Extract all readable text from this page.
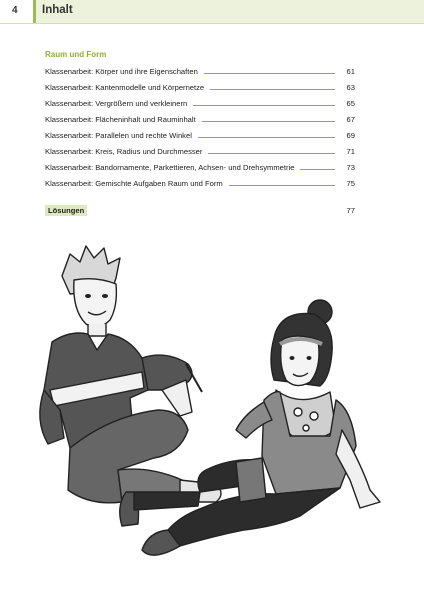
4 Inhalt
Raum und Form
Klassenarbeit: Körper und ihre Eigenschaften	61
Klassenarbeit: Kantenmodelle und Körpernetze	63
Klassenarbeit: Vergrößern und verkleinern	65
Klassenarbeit: Flächeninhalt und Rauminhalt	67
Klassenarbeit: Parallelen und rechte Winkel	69
Klassenarbeit: Kreis, Radius und Durchmesser	71
Klassenarbeit: Bandornamente, Parkettieren, Achsen- und Drehsymmetrie	73
Klassenarbeit: Gemischte Aufgaben Raum und Form	75
Lösungen	77
